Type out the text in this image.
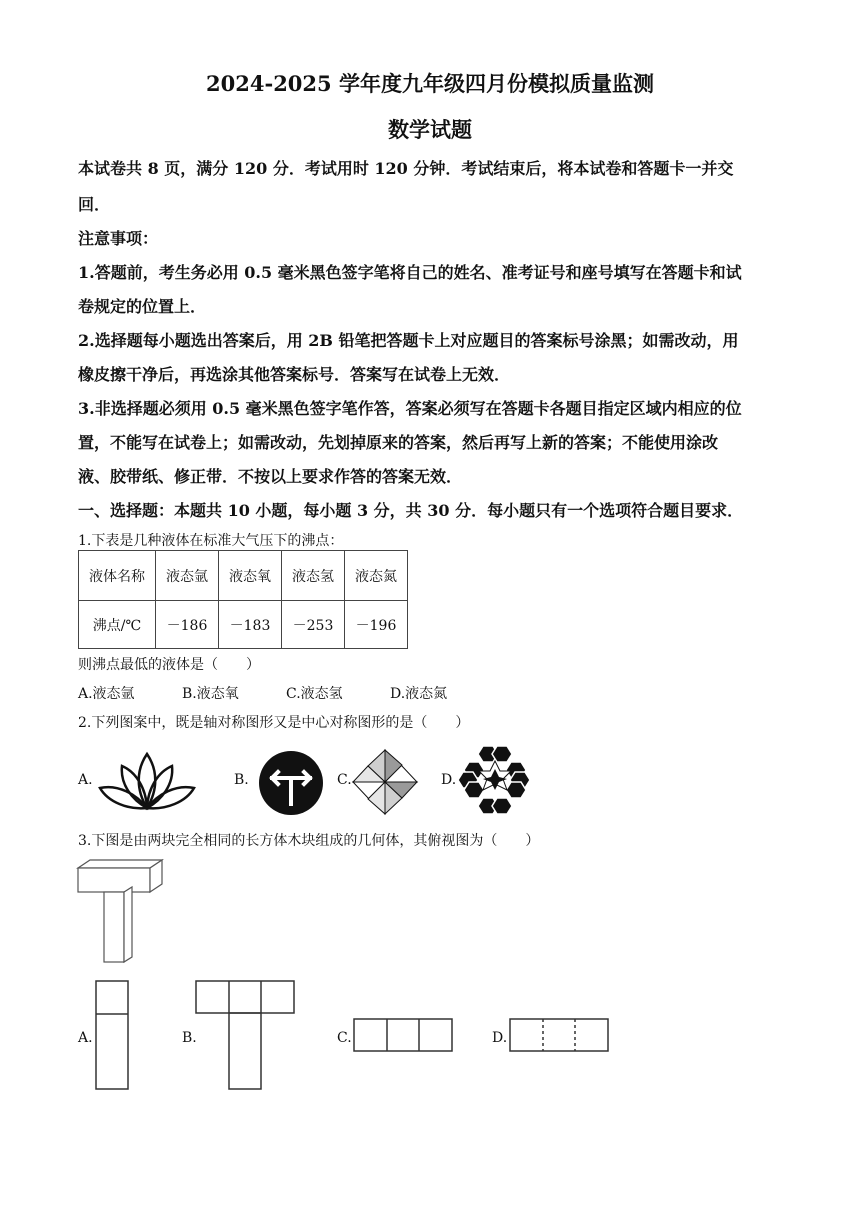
2024-2025 学年度九年级四月份模拟质量监测
数学试题
本试卷共 8 页，满分 120 分．考试用时 120 分钟．考试结束后，将本试卷和答题卡一并交
回．
注意事项：
1.答题前，考生务必用 0.5 毫米黑色签字笔将自己的姓名、准考证号和座号填写在答题卡和试
卷规定的位置上．
2.选择题每小题选出答案后，用 2B 铅笔把答题卡上对应题目的答案标号涂黑；如需改动，用
橡皮擦干净后，再选涂其他答案标号．答案写在试卷上无效．
3.非选择题必须用 0.5 毫米黑色签字笔作答，答案必须写在答题卡各题目指定区域内相应的位
置，不能写在试卷上；如需改动，先划掉原来的答案，然后再写上新的答案；不能使用涂改
液、胶带纸、修正带．不按以上要求作答的答案无效．
一、选择题：本题共 10 小题，每小题 3 分，共 30 分．每小题只有一个选项符合题目要求．
1.下表是几种液体在标准大气压下的沸点：
液体名称	液态氩	液态氧	液态氢	液态氮
沸点/℃	－186	－183	－253	－196
则沸点最低的液体是（　　）
A.液态氩	B.液态氧	C.液态氢	D.液态氮
2.下列图案中，既是轴对称图形又是中心对称图形的是（　　）
A.	B.	C.	D.
3.下图是由两块完全相同的长方体木块组成的几何体，其俯视图为（　　）
A.	B.	C.	D.
